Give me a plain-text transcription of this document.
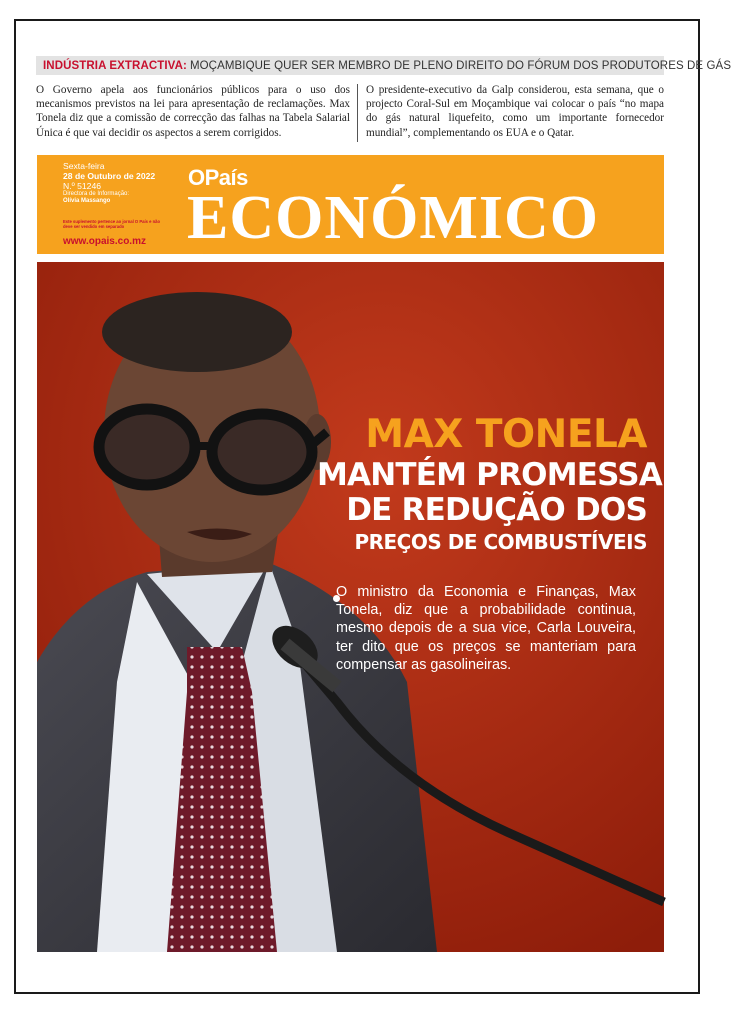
INDÚSTRIA EXTRACTIVA : MOÇAMBIQUE QUER SER MEMBRO DE PLENO DIREITO DO FÓRUM DOS PRODUTORES DE GÁS
O Governo apela aos funcionários públicos para o uso dos mecanismos previstos na lei para apresentação de reclamações. Max Tonela diz que a comissão de correcção das falhas na Tabela Salarial Única é que vai decidir os aspectos a serem corrigidos.
O presidente-executivo da Galp considerou, esta semana, que o projecto Coral-Sul em Moçambique vai colocar o país “no mapa do gás natural liquefeito, como um importante fornecedor mundial”, complementando os EUA e o Qatar.
Sexta-feira
28 de Outubro de 2022
N.º 51246
Directora de Informação:
Olívia Massango
Este suplemento pertence ao jornal O País e não deve ser vendido em separado
www.opais.co.mz
OPaís
ECONÓMICO
MAX TONELA
MANTÉM PROMESSA
DE REDUÇÃO DOS
PREÇOS DE COMBUSTÍVEIS
O ministro da Economia e Finanças, Max Tonela, diz que a probabilidade continua, mesmo depois de a sua vice, Carla Louveira, ter dito que os preços se manteriam para compensar as gasolineiras.
